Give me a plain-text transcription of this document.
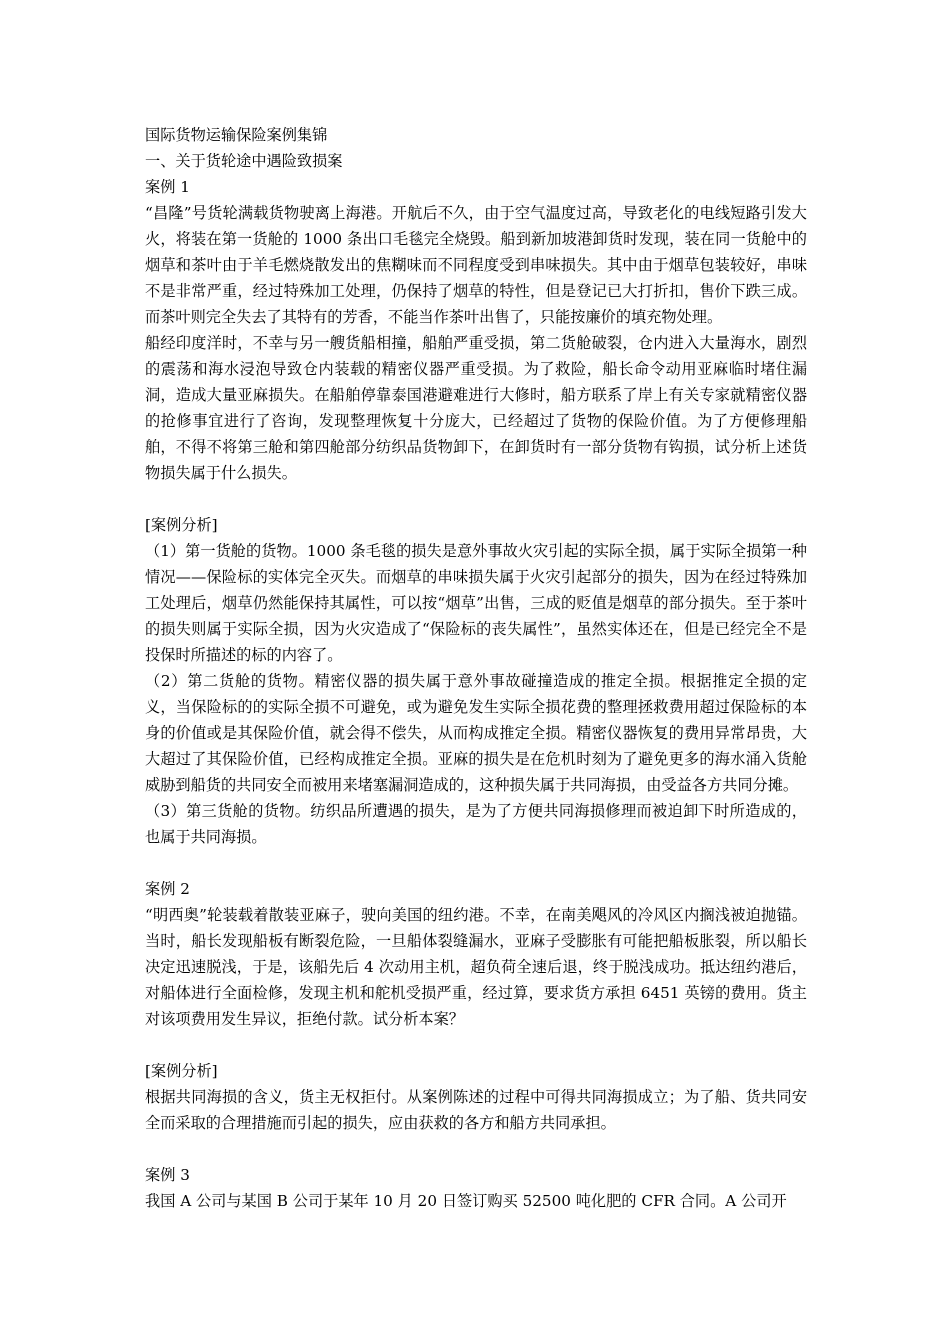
国际货物运输保险案例集锦
一、关于货轮途中遇险致损案
案例 1

“昌隆”号货轮满载货物驶离上海港。开航后不久，由于空气温度过高，导致老化的电线短路引发大火，将装在第一货舱的 1000 条出口毛毯完全烧毁。船到新加坡港卸货时发现，装在同一货舱中的烟草和茶叶由于羊毛燃烧散发出的焦糊味而不同程度受到串味损失。其中由于烟草包装较好，串味不是非常严重，经过特殊加工处理，仍保持了烟草的特性，但是登记已大打折扣，售价下跌三成。而茶叶则完全失去了其特有的芳香，不能当作茶叶出售了，只能按廉价的填充物处理。

船经印度洋时，不幸与另一艘货船相撞，船舶严重受损，第二货舱破裂，仓内进入大量海水，剧烈的震荡和海水浸泡导致仓内装载的精密仪器严重受损。为了救险，船长命令动用亚麻临时堵住漏洞，造成大量亚麻损失。在船舶停靠泰国港避难进行大修时，船方联系了岸上有关专家就精密仪器的抢修事宜进行了咨询，发现整理恢复十分庞大，已经超过了货物的保险价值。为了方便修理船舶，不得不将第三舱和第四舱部分纺织品货物卸下，在卸货时有一部分货物有钩损，试分析上述货物损失属于什么损失。

[案例分析]

（1）第一货舱的货物。1000 条毛毯的损失是意外事故火灾引起的实际全损，属于实际全损第一种情况——保险标的实体完全灭失。而烟草的串味损失属于火灾引起部分的损失，因为在经过特殊加工处理后，烟草仍然能保持其属性，可以按“烟草”出售，三成的贬值是烟草的部分损失。至于茶叶的损失则属于实际全损，因为火灾造成了“保险标的丧失属性”，虽然实体还在，但是已经完全不是投保时所描述的标的内容了。

（2）第二货舱的货物。精密仪器的损失属于意外事故碰撞造成的推定全损。根据推定全损的定义，当保险标的的实际全损不可避免，或为避免发生实际全损花费的整理拯救费用超过保险标的本身的价值或是其保险价值，就会得不偿失，从而构成推定全损。精密仪器恢复的费用异常昂贵，大大超过了其保险价值，已经构成推定全损。亚麻的损失是在危机时刻为了避免更多的海水涌入货舱威胁到船货的共同安全而被用来堵塞漏洞造成的，这种损失属于共同海损，由受益各方共同分摊。

（3）第三货舱的货物。纺织品所遭遇的损失，是为了方便共同海损修理而被迫卸下时所造成的，也属于共同海损。

案例 2

“明西奥”轮装载着散装亚麻子，驶向美国的纽约港。不幸，在南美飓风的冷风区内搁浅被迫抛锚。当时，船长发现船板有断裂危险，一旦船体裂缝漏水，亚麻子受膨胀有可能把船板胀裂，所以船长决定迅速脱浅，于是，该船先后 4 次动用主机，超负荷全速后退，终于脱浅成功。抵达纽约港后，对船体进行全面检修，发现主机和舵机受损严重，经过算，要求货方承担 6451 英镑的费用。货主对该项费用发生异议，拒绝付款。试分析本案？

[案例分析]

根据共同海损的含义，货主无权拒付。从案例陈述的过程中可得共同海损成立；为了船、货共同安全而采取的合理措施而引起的损失，应由获救的各方和船方共同承担。

案例 3

我国 A 公司与某国 B 公司于某年 10 月 20 日签订购买 52500 吨化肥的 CFR 合同。A 公司开
